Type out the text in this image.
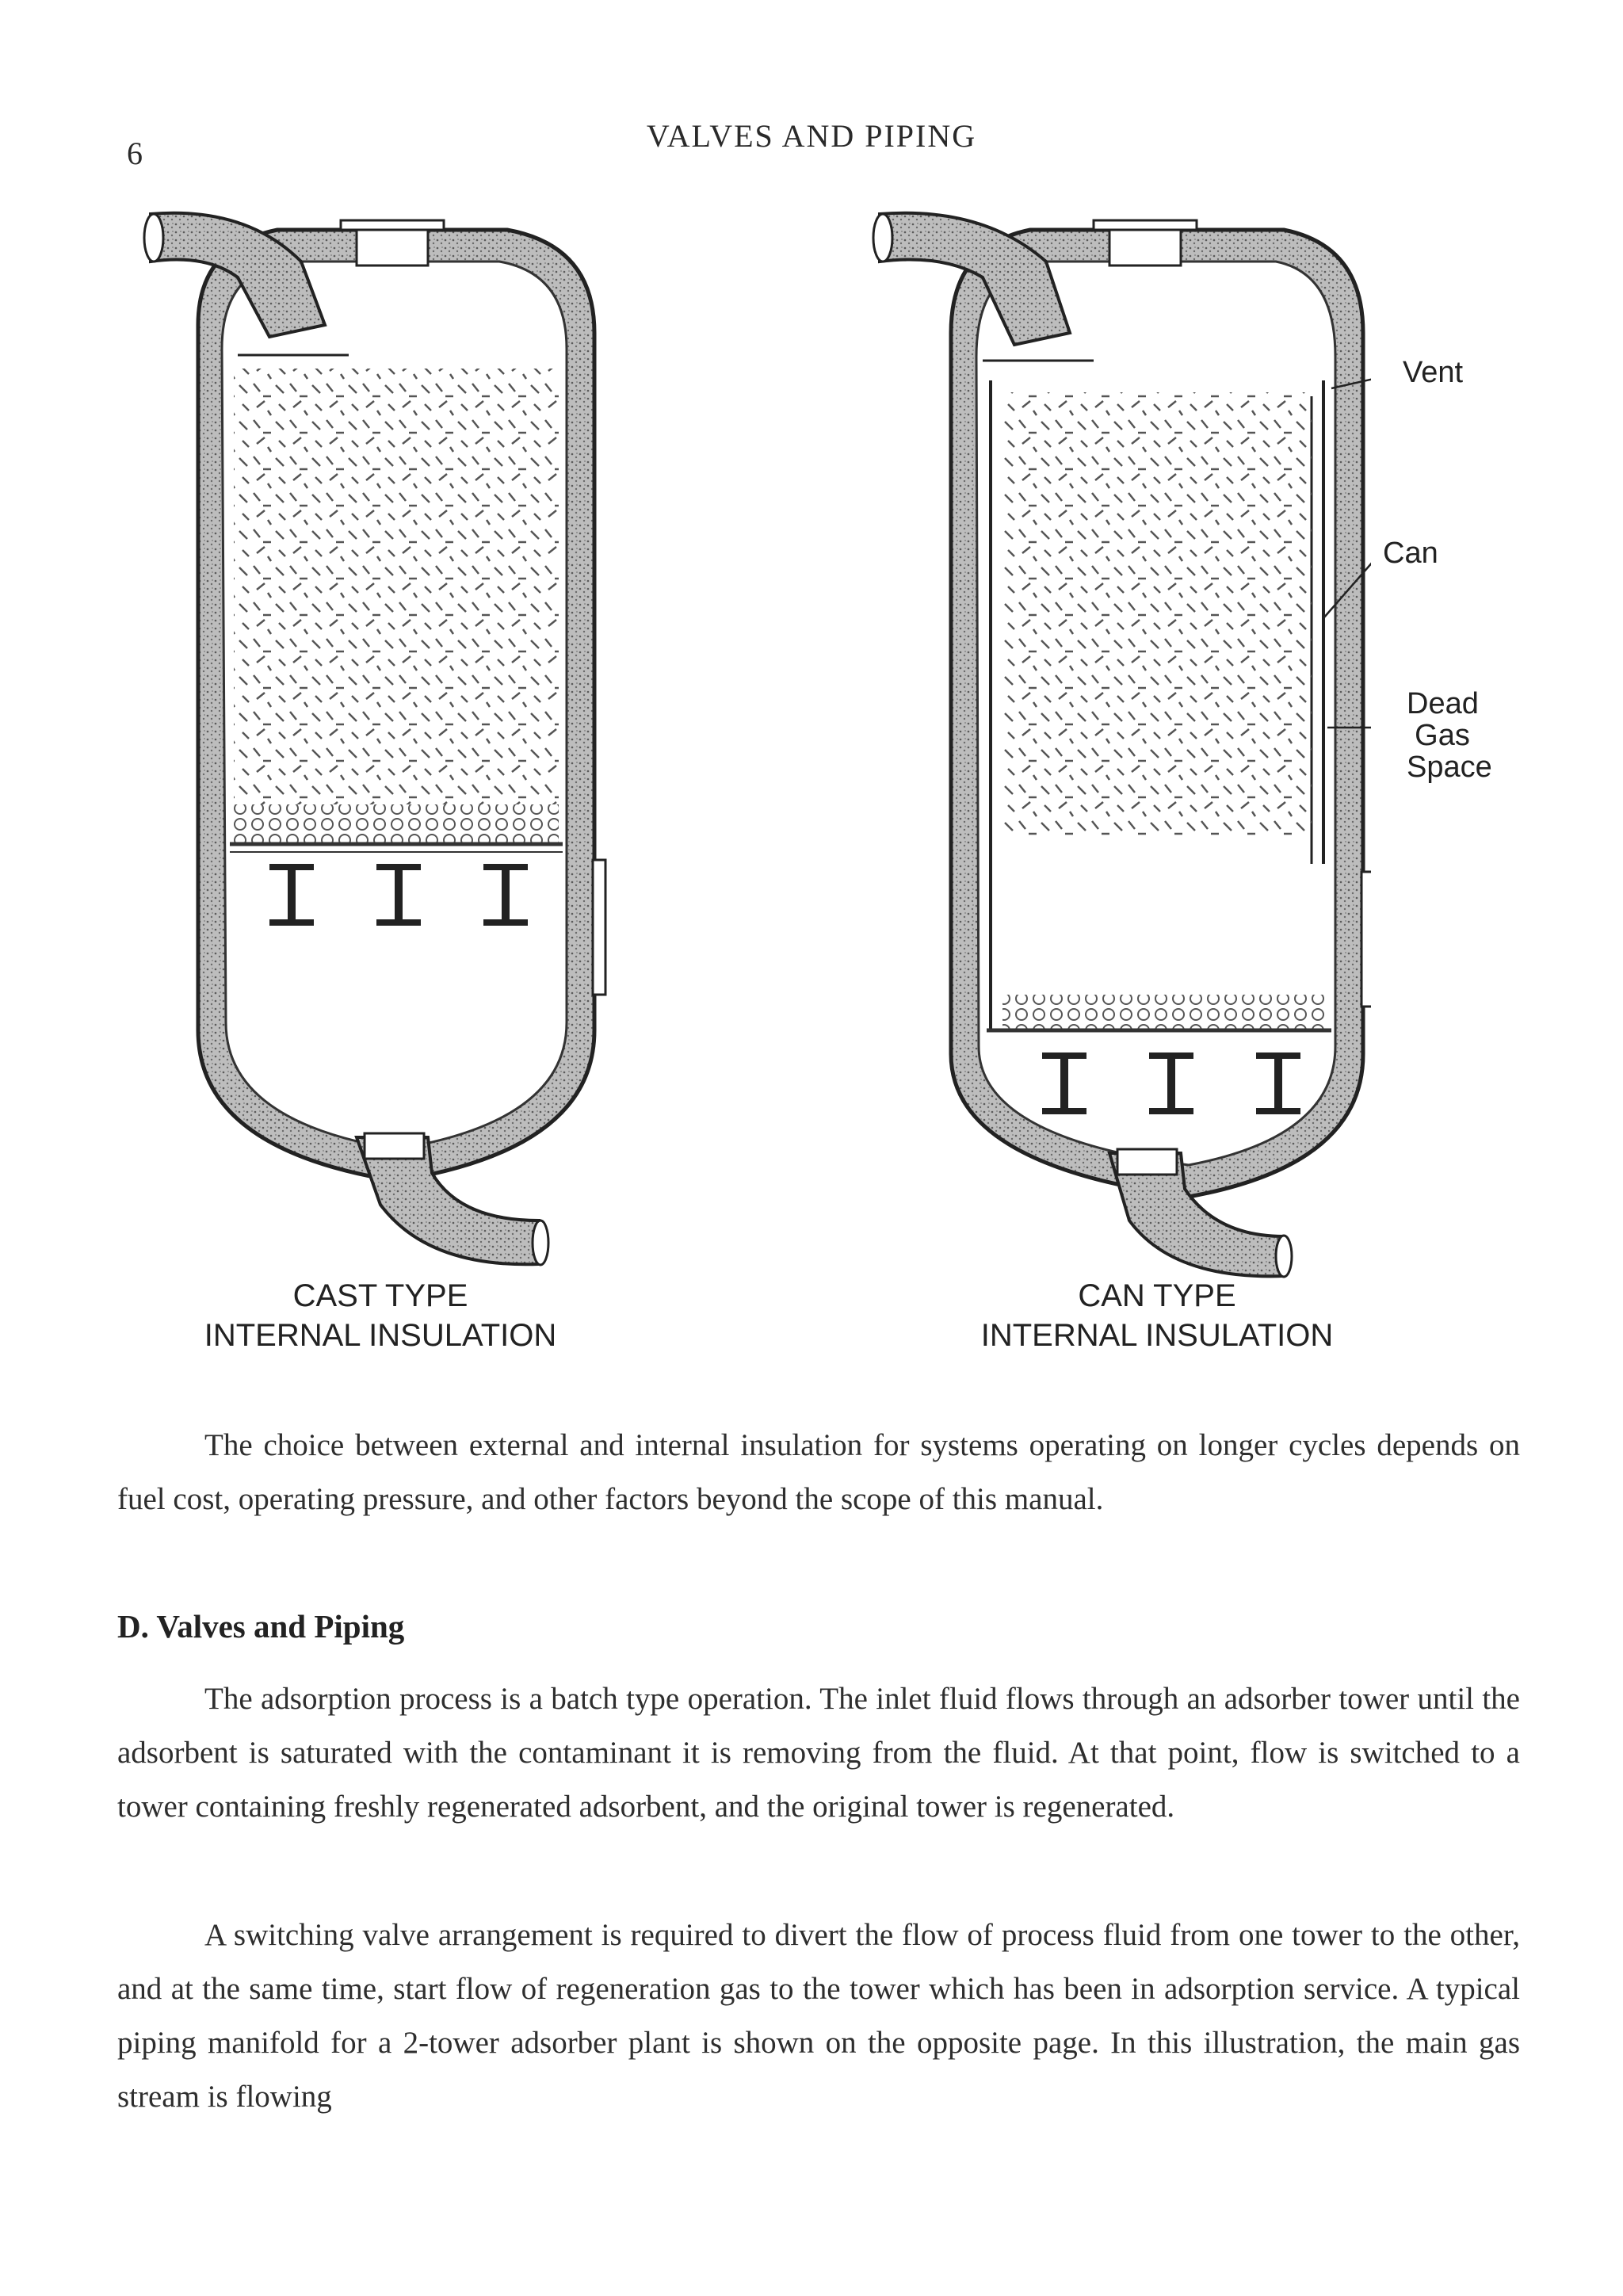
6	VALVES AND PIPING
CAST TYPE
INTERNAL INSULATION
Vent
Can
Dead
Gas
Space
CAN TYPE
INTERNAL INSULATION

The choice between external and internal insulation for systems operating on longer cycles depends on fuel cost, operating pressure, and other factors beyond the scope of this manual.

D. Valves and Piping

The adsorption process is a batch type operation. The inlet fluid flows through an adsorber tower until the adsorbent is saturated with the contaminant it is removing from the fluid. At that point, flow is switched to a tower containing freshly regenerated adsorbent, and the original tower is regenerated.

A switching valve arrangement is required to divert the flow of process fluid from one tower to the other, and at the same time, start flow of regeneration gas to the tower which has been in adsorption service. A typical piping manifold for a 2-tower adsorber plant is shown on the opposite page. In this illustration, the main gas stream is flowing
